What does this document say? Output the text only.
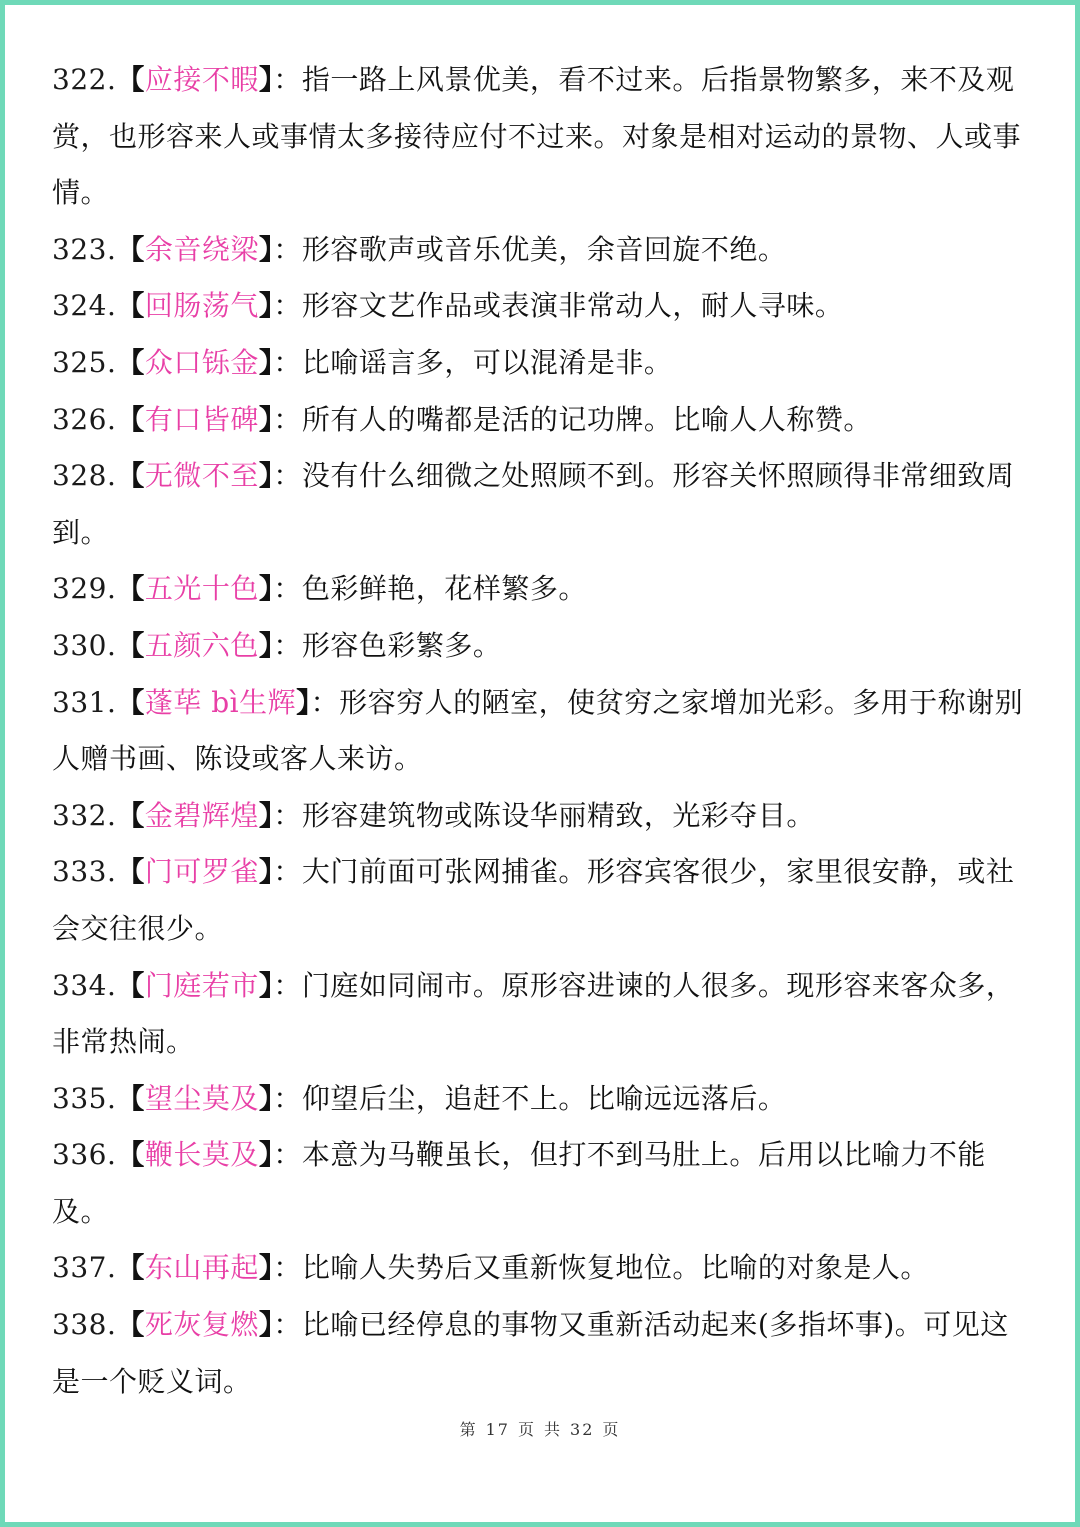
322.【应接不暇】：指一路上风景优美，看不过来。后指景物繁多，来不及观赏，也形容来人或事情太多接待应付不过来。对象是相对运动的景物、人或事情。

323.【余音绕梁】：形容歌声或音乐优美，余音回旋不绝。

324.【回肠荡气】：形容文艺作品或表演非常动人，耐人寻味。

325.【众口铄金】：比喻谣言多，可以混淆是非。

326.【有口皆碑】：所有人的嘴都是活的记功牌。比喻人人称赞。

328.【无微不至】：没有什么细微之处照顾不到。形容关怀照顾得非常细致周到。

329.【五光十色】：色彩鲜艳，花样繁多。

330.【五颜六色】：形容色彩繁多。

331.【蓬荜 bì生辉】：形容穷人的陋室，使贫穷之家增加光彩。多用于称谢别人赠书画、陈设或客人来访。

332.【金碧辉煌】：形容建筑物或陈设华丽精致，光彩夺目。

333.【门可罗雀】：大门前面可张网捕雀。形容宾客很少，家里很安静，或社会交往很少。

334.【门庭若市】：门庭如同闹市。原形容进谏的人很多。现形容来客众多，非常热闹。

335.【望尘莫及】：仰望后尘，追赶不上。比喻远远落后。

336.【鞭长莫及】：本意为马鞭虽长，但打不到马肚上。后用以比喻力不能及。

337.【东山再起】：比喻人失势后又重新恢复地位。比喻的对象是人。

338.【死灰复燃】：比喻已经停息的事物又重新活动起来(多指坏事)。可见这是一个贬义词。

第 17 页 共 32 页
